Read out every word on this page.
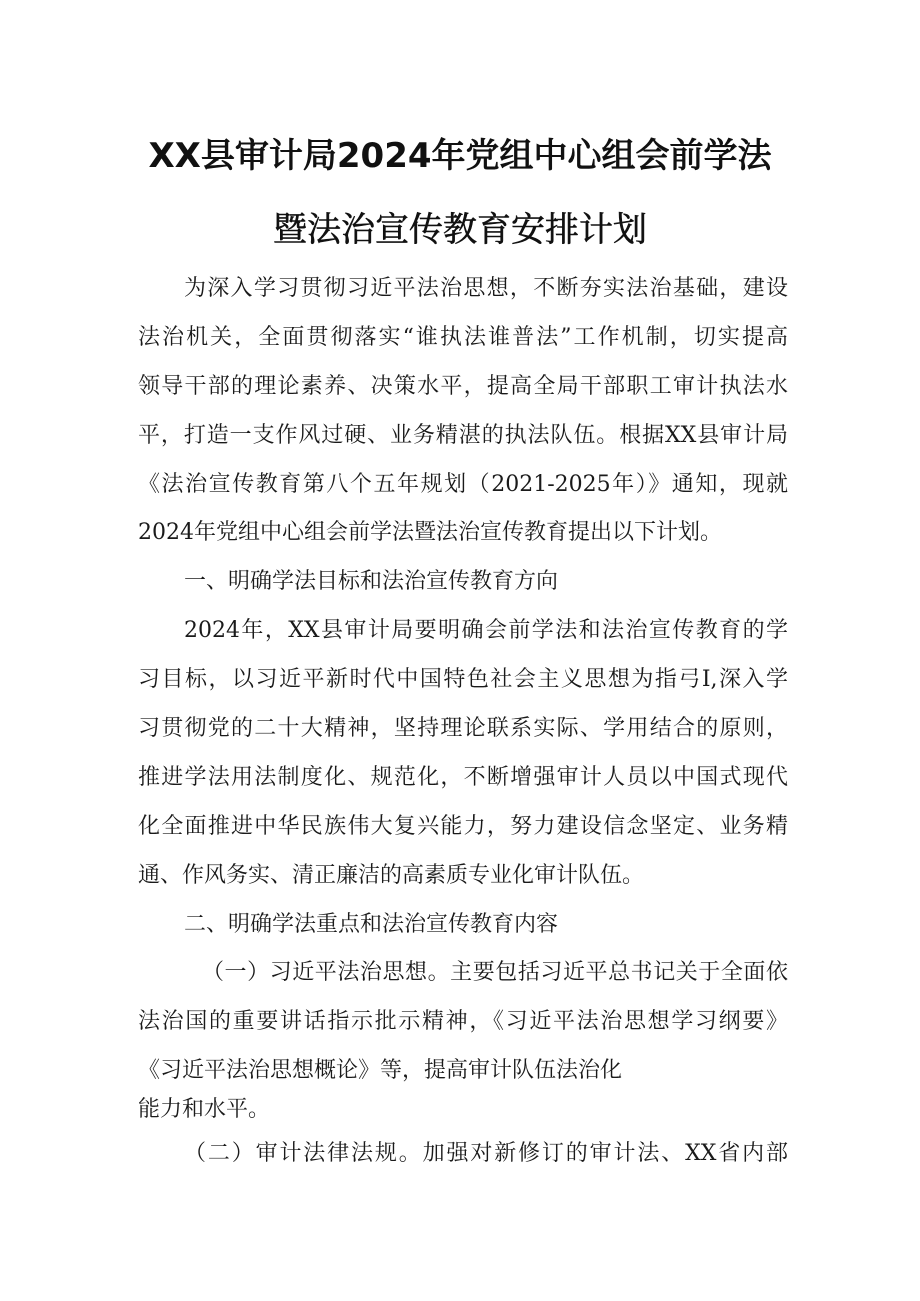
XX县审计局2024年党组中心组会前学法
暨法治宣传教育安排计划
为深入学习贯彻习近平法治思想，不断夯实法治基础，建设
法治机关，全面贯彻落实“谁执法谁普法”工作机制，切实提高
领导干部的理论素养、决策水平，提高全局干部职工审计执法水
平，打造一支作风过硬、业务精湛的执法队伍。根据XX县审计局
《法治宣传教育第八个五年规划（2021-2025年）》通知，现就
2024年党组中心组会前学法暨法治宣传教育提出以下计划。
一、明确学法目标和法治宣传教育方向
2024年，XX县审计局要明确会前学法和法治宣传教育的学
习目标，以习近平新时代中国特色社会主义思想为指弓I,深入学
习贯彻党的二十大精神，坚持理论联系实际、学用结合的原则，
推进学法用法制度化、规范化，不断增强审计人员以中国式现代
化全面推进中华民族伟大复兴能力，努力建设信念坚定、业务精
通、作风务实、清正廉洁的高素质专业化审计队伍。
二、明确学法重点和法治宣传教育内容
（一）习近平法治思想。主要包括习近平总书记关于全面依
法治国的重要讲话指示批示精神，《习近平法治思想学习纲要》
《习近平法治思想概论》等，提高审计队伍法治化
能力和水平。
（二）审计法律法规。加强对新修订的审计法、XX省内部
